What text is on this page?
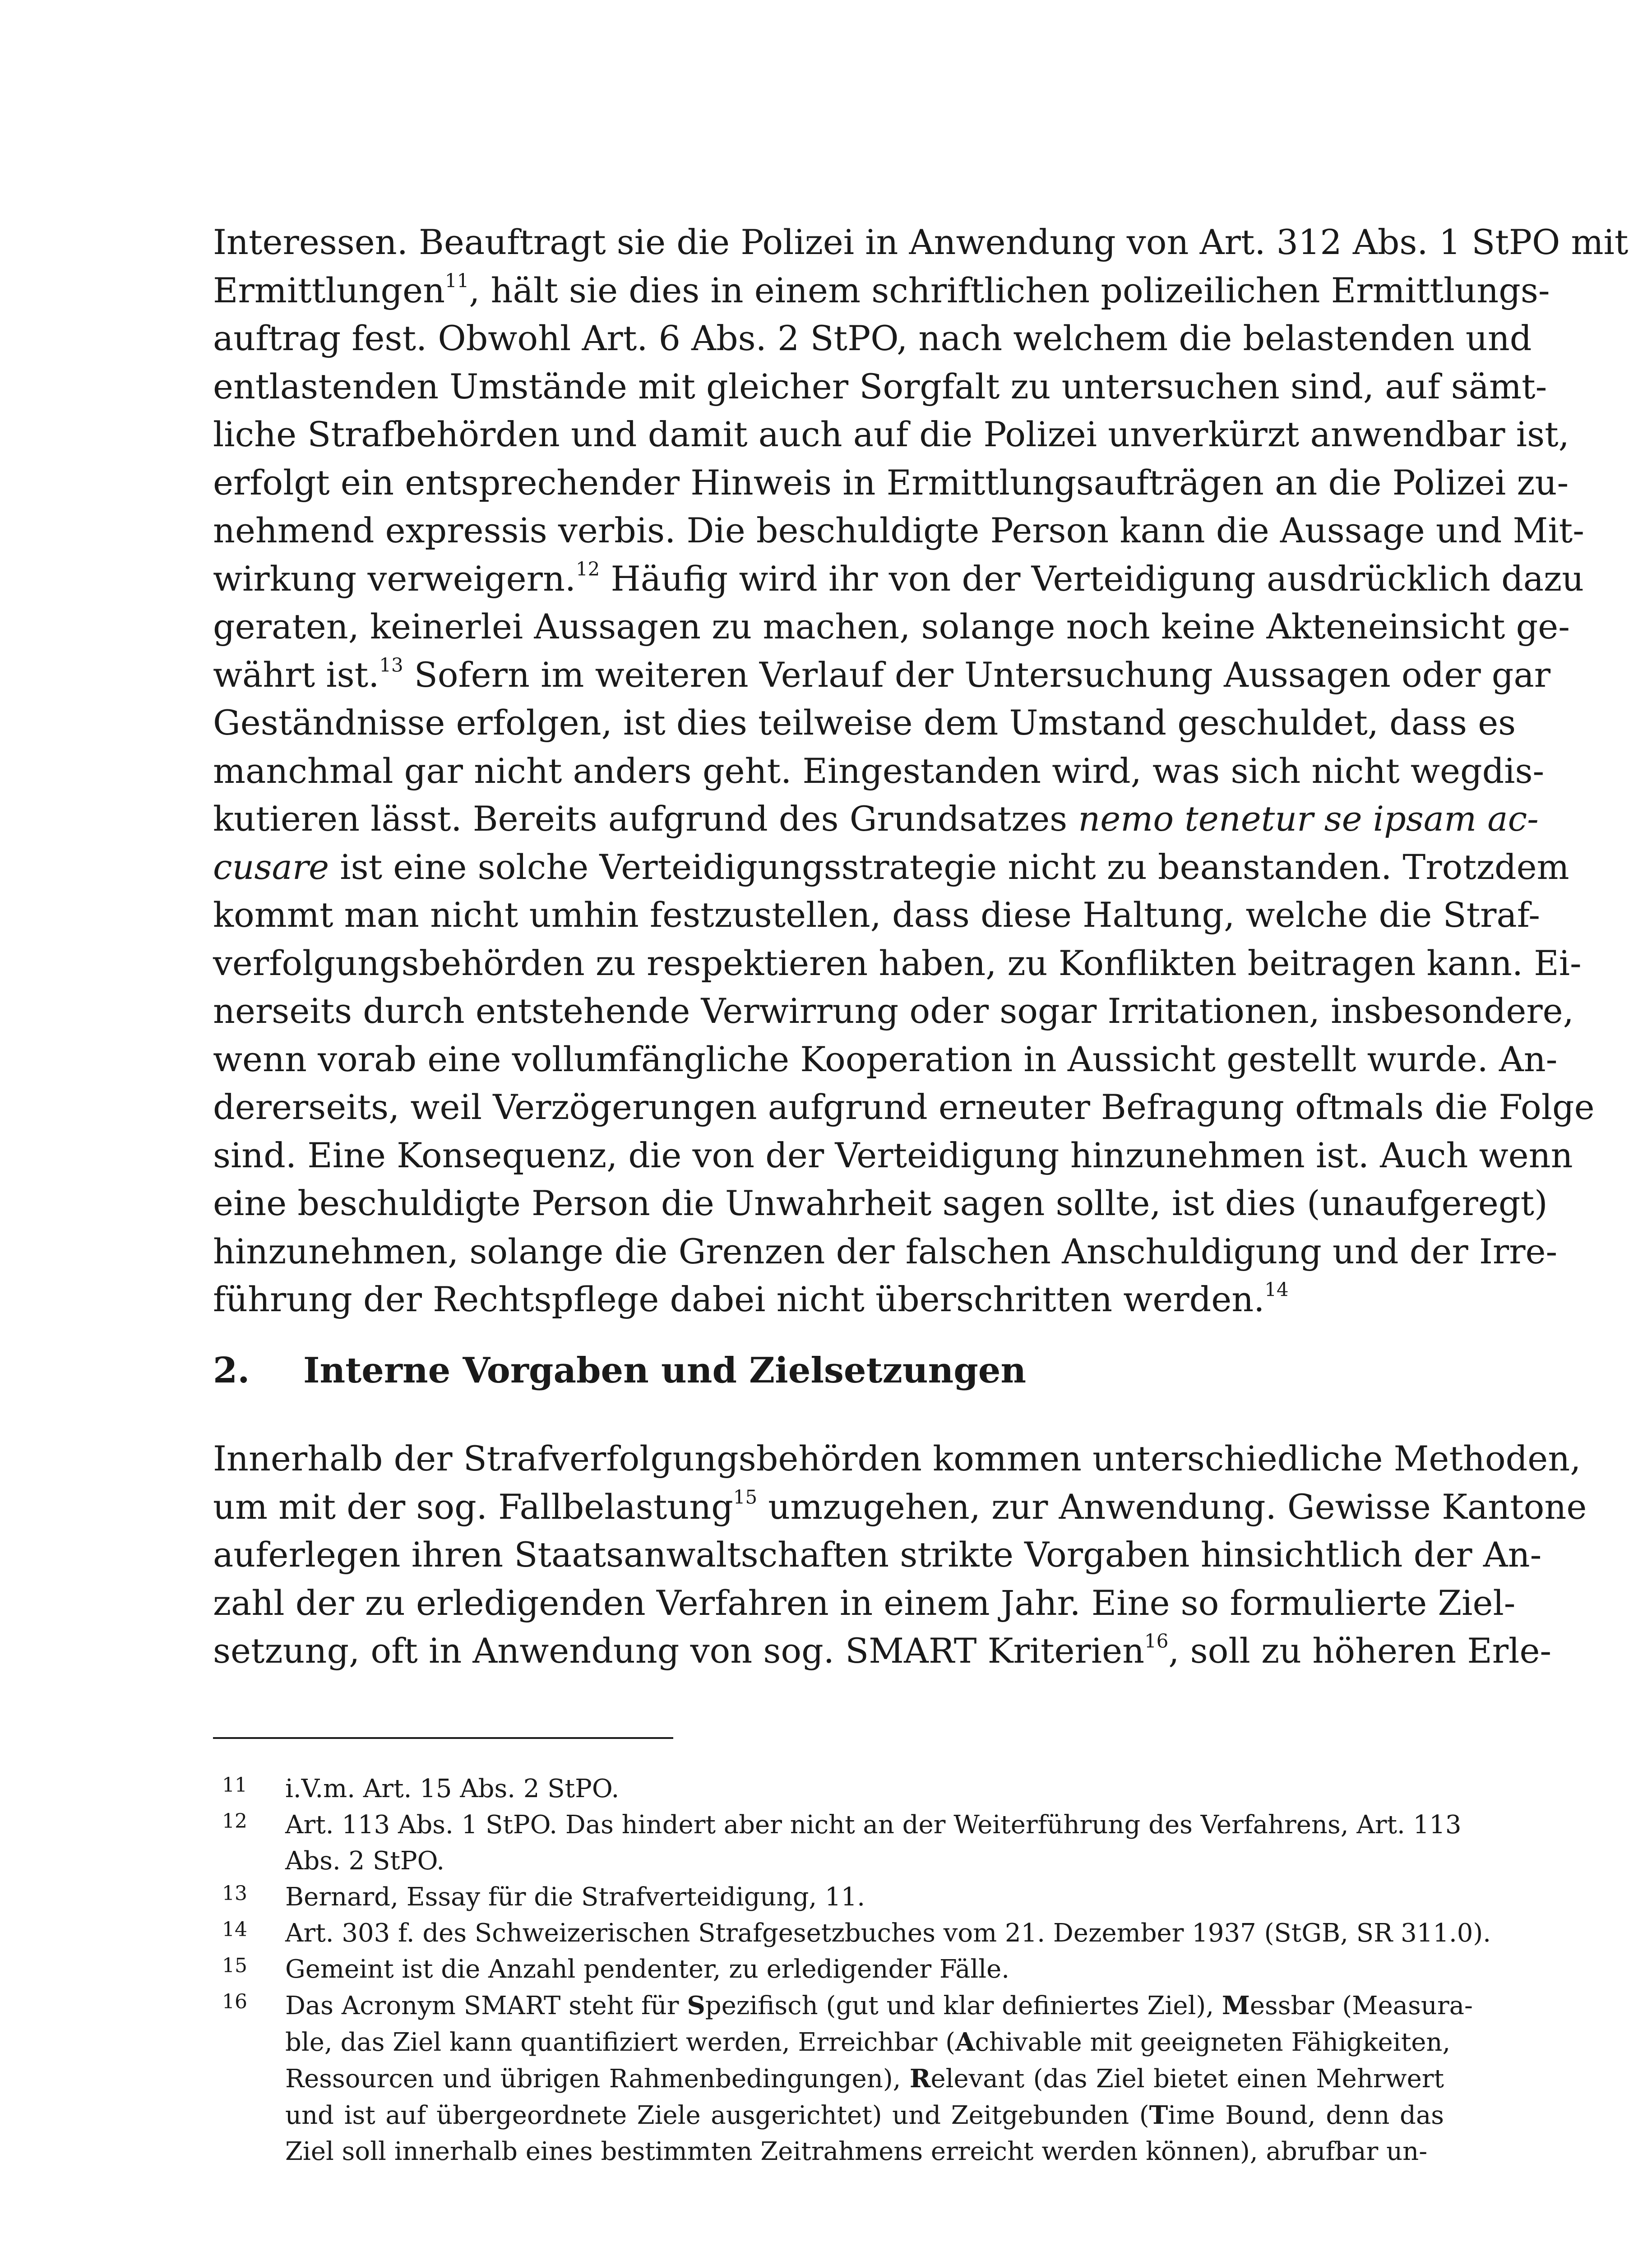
Interessen. Beauftragt sie die Polizei in Anwendung von Art. 312 Abs. 1 StPO mit
Ermittlungen$^{11}$, hält sie dies in einem schriftlichen polizeilichen Ermittlungs-
auftrag fest. Obwohl Art. 6 Abs. 2 StPO, nach welchem die belastenden und
entlastenden Umstände mit gleicher Sorgfalt zu untersuchen sind, auf sämt-
liche Strafbehörden und damit auch auf die Polizei unverkürzt anwendbar ist,
erfolgt ein entsprechender Hinweis in Ermittlungsaufträgen an die Polizei zu-
nehmend expressis verbis. Die beschuldigte Person kann die Aussage und Mit-
wirkung verweigern.$^{12}$ Häufig wird ihr von der Verteidigung ausdrücklich dazu
geraten, keinerlei Aussagen zu machen, solange noch keine Akteneinsicht ge-
währt ist.$^{13}$ Sofern im weiteren Verlauf der Untersuchung Aussagen oder gar
Geständnisse erfolgen, ist dies teilweise dem Umstand geschuldet, dass es
manchmal gar nicht anders geht. Eingestanden wird, was sich nicht wegdis-
kutieren lässt. Bereits aufgrund des Grundsatzes nemo tenetur se ipsam ac-
cusare ist eine solche Verteidigungsstrategie nicht zu beanstanden. Trotzdem
kommt man nicht umhin festzustellen, dass diese Haltung, welche die Straf-
verfolgungsbehörden zu respektieren haben, zu Konflikten beitragen kann. Ei-
nerseits durch entstehende Verwirrung oder sogar Irritationen, insbesondere,
wenn vorab eine vollumfängliche Kooperation in Aussicht gestellt wurde. An-
dererseits, weil Verzögerungen aufgrund erneuter Befragung oftmals die Folge
sind. Eine Konsequenz, die von der Verteidigung hinzunehmen ist. Auch wenn
eine beschuldigte Person die Unwahrheit sagen sollte, ist dies (unaufgeregt)
hinzunehmen, solange die Grenzen der falschen Anschuldigung und der Irre-
führung der Rechtspflege dabei nicht überschritten werden.$^{14}$
2. Interne Vorgaben und Zielsetzungen
Innerhalb der Strafverfolgungsbehörden kommen unterschiedliche Methoden,
um mit der sog. Fallbelastung$^{15}$ umzugehen, zur Anwendung. Gewisse Kantone
auferlegen ihren Staatsanwaltschaften strikte Vorgaben hinsichtlich der An-
zahl der zu erledigenden Verfahren in einem Jahr. Eine so formulierte Ziel-
setzung, oft in Anwendung von sog. SMART Kriterien$^{16}$, soll zu höheren Erle-
11 i.V.m. Art. 15 Abs. 2 StPO.
12 Art. 113 Abs. 1 StPO. Das hindert aber nicht an der Weiterführung des Verfahrens, Art. 113
Abs. 2 StPO.
13 Bernard, Essay für die Strafverteidigung, 11.
14 Art. 303 f. des Schweizerischen Strafgesetzbuches vom 21. Dezember 1937 (StGB, SR 311.0).
15 Gemeint ist die Anzahl pendenter, zu erledigender Fälle.
16 Das Acronym SMART steht für Spezifisch (gut und klar definiertes Ziel), Messbar (Measura-
ble, das Ziel kann quantifiziert werden, Erreichbar (Achivable mit geeigneten Fähigkeiten,
Ressourcen und übrigen Rahmenbedingungen), Relevant (das Ziel bietet einen Mehrwert
und ist auf übergeordnete Ziele ausgerichtet) und Zeitgebunden (Time Bound, denn das
Ziel soll innerhalb eines bestimmten Zeitrahmens erreicht werden können), abrufbar un-
